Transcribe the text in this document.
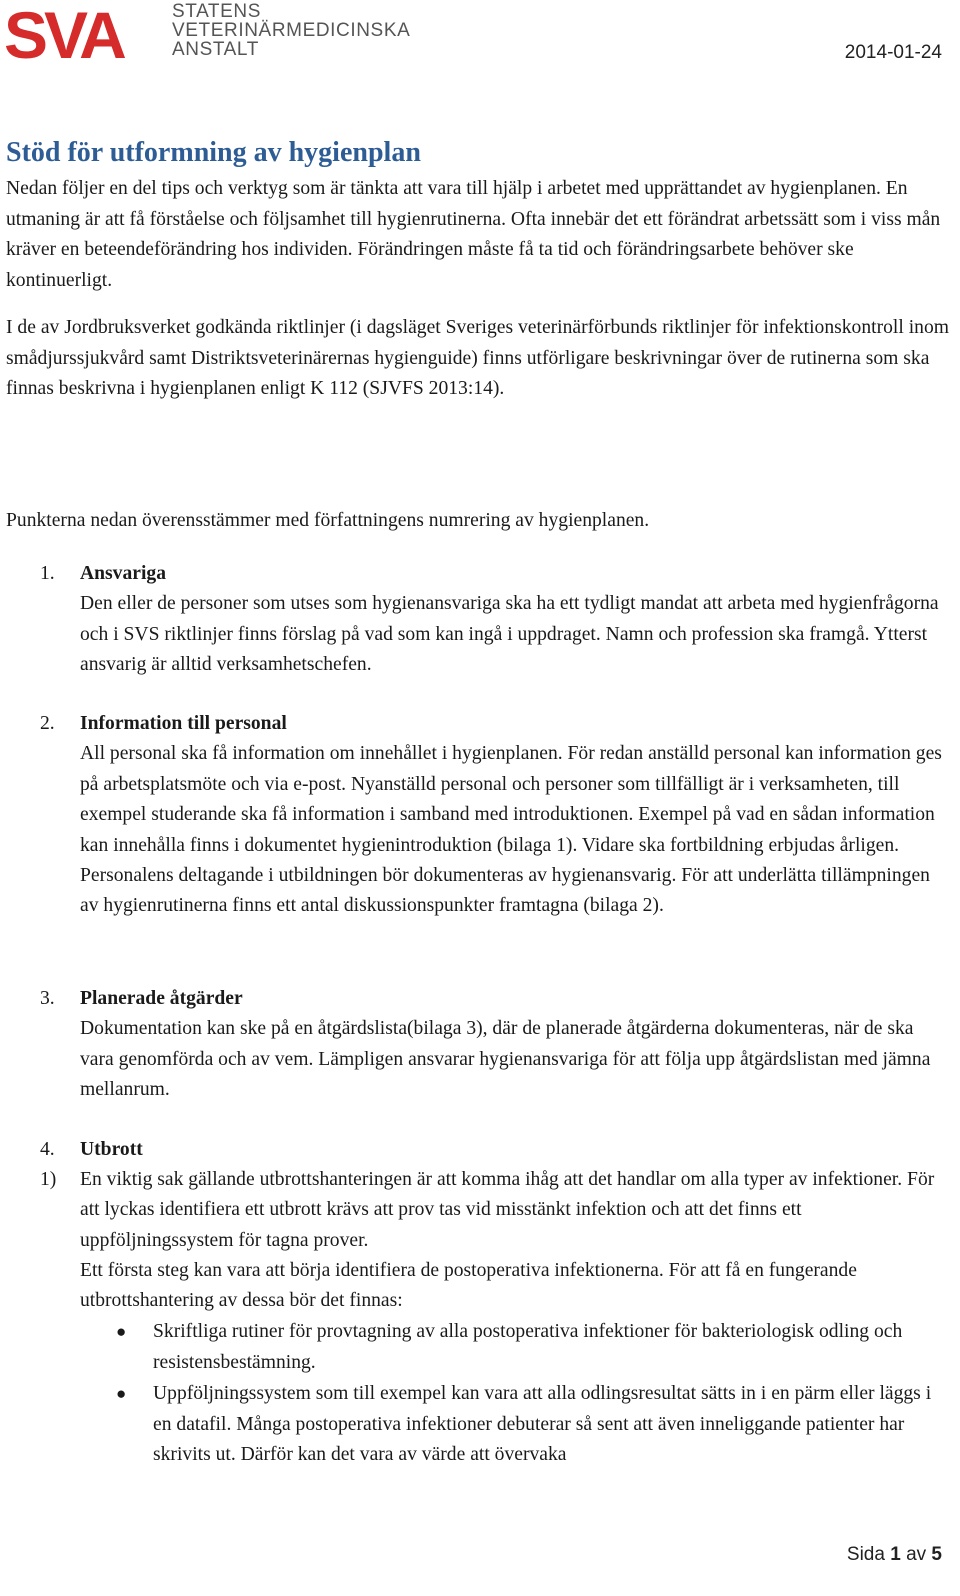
SVA	STATENS
VETERINÄRMEDICINSKA
ANSTALT	2014-01-24
Stöd för utformning av hygienplan

Nedan följer en del tips och verktyg som är tänkta att vara till hjälp i arbetet med upprättandet av hygienplanen. En utmaning är att få förståelse och följsamhet till hygienrutinerna. Ofta innebär det ett förändrat arbetssätt som i viss mån kräver en beteendeförändring hos individen. Förändringen måste få ta tid och förändringsarbete behöver ske kontinuerligt.

I de av Jordbruksverket godkända riktlinjer (i dagsläget Sveriges veterinärförbunds riktlinjer för infektionskontroll inom smådjurssjukvård samt Distriktsveterinärernas hygienguide) finns utförligare beskrivningar över de rutinerna som ska finnas beskrivna i hygienplanen enligt K 112 (SJVFS 2013:14).

Punkterna nedan överensstämmer med författningens numrering av hygienplanen.

1. Ansvariga

Den eller de personer som utses som hygienansvariga ska ha ett tydligt mandat att arbeta med hygienfrågorna och i SVS riktlinjer finns förslag på vad som kan ingå i uppdraget. Namn och profession ska framgå. Ytterst ansvarig är alltid verksamhetschefen.

2. Information till personal

All personal ska få information om innehållet i hygienplanen. För redan anställd personal kan information ges på arbetsplatsmöte och via e-post. Nyanställd personal och personer som tillfälligt är i verksamheten, till exempel studerande ska få information i samband med introduktionen. Exempel på vad en sådan information kan innehålla finns i dokumentet hygienintroduktion (bilaga 1). Vidare ska fortbildning erbjudas årligen. Personalens deltagande i utbildningen bör dokumenteras av hygienansvarig. För att underlätta tillämpningen av hygienrutinerna finns ett antal diskussionspunkter framtagna (bilaga 2).

3. Planerade åtgärder

Dokumentation kan ske på en åtgärdslista(bilaga 3), där de planerade åtgärderna dokumenteras, när de ska vara genomförda och av vem. Lämpligen ansvarar hygienansvariga för att följa upp åtgärdslistan med jämna mellanrum.

4. Utbrott
1) En viktig sak gällande utbrottshanteringen är att komma ihåg att det handlar om alla typer av infektioner. För att lyckas identifiera ett utbrott krävs att prov tas vid misstänkt infektion och att det finns ett uppföljningssystem för tagna prover.

Ett första steg kan vara att börja identifiera de postoperativa infektionerna. För att få en fungerande utbrottshantering av dessa bör det finnas:

● Skriftliga rutiner för provtagning av alla postoperativa infektioner för bakteriologisk odling och resistensbestämning.

● Uppföljningssystem som till exempel kan vara att alla odlingsresultat sätts in i en pärm eller läggs i en datafil. Många postoperativa infektioner debuterar så sent att även inneliggande patienter har skrivits ut. Därför kan det vara av värde att övervaka

Sida 1 av 5
